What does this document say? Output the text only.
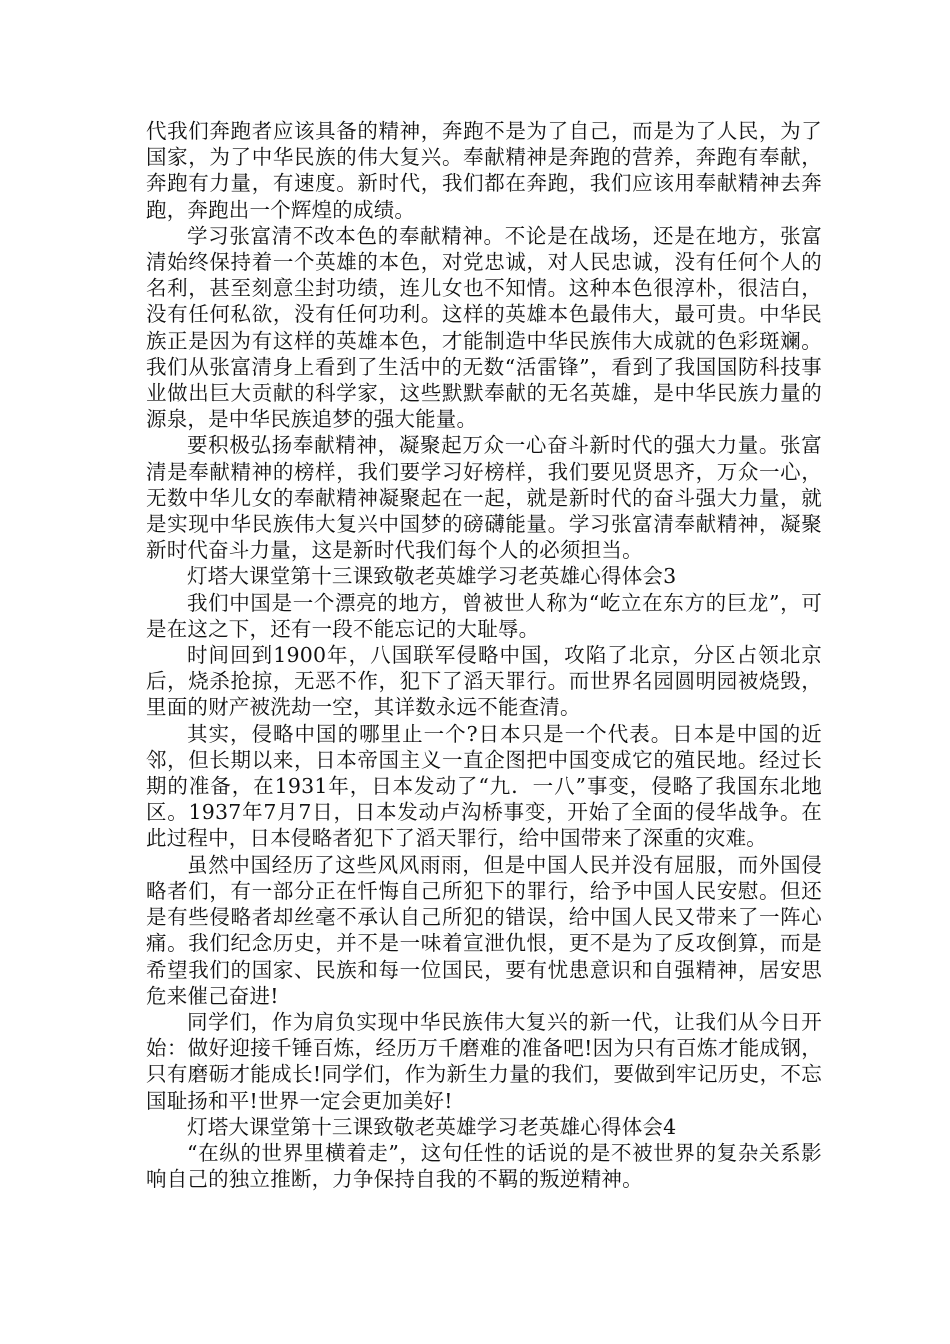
代我们奔跑者应该具备的精神，奔跑不是为了自己，而是为了人民，为了国家，为了中华民族的伟大复兴。奉献精神是奔跑的营养，奔跑有奉献，奔跑有力量，有速度。新时代，我们都在奔跑，我们应该用奉献精神去奔跑，奔跑出一个辉煌的成绩。

学习张富清不改本色的奉献精神。不论是在战场，还是在地方，张富清始终保持着一个英雄的本色，对党忠诚，对人民忠诚，没有任何个人的名利，甚至刻意尘封功绩，连儿女也不知情。这种本色很淳朴，很洁白，没有任何私欲，没有任何功利。这样的英雄本色最伟大，最可贵。中华民族正是因为有这样的英雄本色，才能制造中华民族伟大成就的色彩斑斓。我们从张富清身上看到了生活中的无数“活雷锋”，看到了我国国防科技事业做出巨大贡献的科学家，这些默默奉献的无名英雄，是中华民族力量的源泉，是中华民族追梦的强大能量。

要积极弘扬奉献精神，凝聚起万众一心奋斗新时代的强大力量。张富清是奉献精神的榜样，我们要学习好榜样，我们要见贤思齐，万众一心，无数中华儿女的奉献精神凝聚起在一起，就是新时代的奋斗强大力量，就是实现中华民族伟大复兴中国梦的磅礴能量。学习张富清奉献精神，凝聚新时代奋斗力量，这是新时代我们每个人的必须担当。

灯塔大课堂第十三课致敬老英雄学习老英雄心得体会3

我们中国是一个漂亮的地方，曾被世人称为“屹立在东方的巨龙”，可是在这之下，还有一段不能忘记的大耻辱。

时间回到1900年，八国联军侵略中国，攻陷了北京，分区占领北京后，烧杀抢掠，无恶不作，犯下了滔天罪行。而世界名园圆明园被烧毁，里面的财产被洗劫一空，其详数永远不能查清。

其实，侵略中国的哪里止一个?日本只是一个代表。日本是中国的近邻，但长期以来，日本帝国主义一直企图把中国变成它的殖民地。经过长期的准备，在1931年，日本发动了“九．一八”事变，侵略了我国东北地区。1937年7月7日，日本发动卢沟桥事变，开始了全面的侵华战争。在此过程中，日本侵略者犯下了滔天罪行，给中国带来了深重的灾难。

虽然中国经历了这些风风雨雨，但是中国人民并没有屈服，而外国侵略者们，有一部分正在忏悔自己所犯下的罪行，给予中国人民安慰。但还是有些侵略者却丝毫不承认自己所犯的错误，给中国人民又带来了一阵心痛。我们纪念历史，并不是一味着宣泄仇恨，更不是为了反攻倒算，而是希望我们的国家、民族和每一位国民，要有忧患意识和自强精神，居安思危来催己奋进!

同学们，作为肩负实现中华民族伟大复兴的新一代，让我们从今日开始：做好迎接千锤百炼，经历万千磨难的准备吧!因为只有百炼才能成钢，只有磨砺才能成长!同学们，作为新生力量的我们，要做到牢记历史，不忘国耻扬和平!世界一定会更加美好!

灯塔大课堂第十三课致敬老英雄学习老英雄心得体会4

“在纵的世界里横着走”，这句任性的话说的是不被世界的复杂关系影响自己的独立推断，力争保持自我的不羁的叛逆精神。
